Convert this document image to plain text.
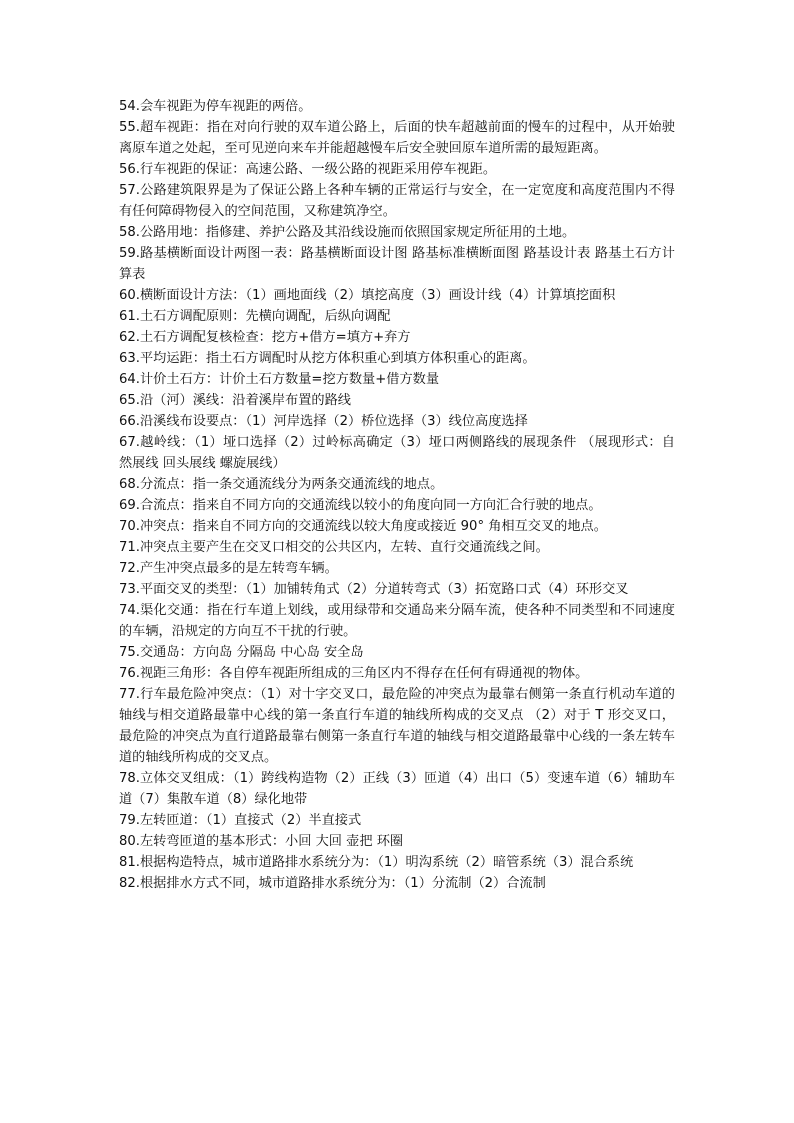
54.会车视距为停车视距的两倍。

55.超车视距：指在对向行驶的双车道公路上，后面的快车超越前面的慢车的过程中，从开始驶离原车道之处起，至可见逆向来车并能超越慢车后安全驶回原车道所需的最短距离。

56.行车视距的保证：高速公路、一级公路的视距采用停车视距。

57.公路建筑限界是为了保证公路上各种车辆的正常运行与安全，在一定宽度和高度范围内不得有任何障碍物侵入的空间范围，又称建筑净空。

58.公路用地：指修建、养护公路及其沿线设施而依照国家规定所征用的土地。

59.路基横断面设计两图一表：路基横断面设计图 路基标准横断面图 路基设计表 路基土石方计算表

60.横断面设计方法：（1）画地面线（2）填挖高度（3）画设计线（4）计算填挖面积

61.土石方调配原则：先横向调配，后纵向调配

62.土石方调配复核检查：挖方+借方=填方+弃方

63.平均运距：指土石方调配时从挖方体积重心到填方体积重心的距离。

64.计价土石方：计价土石方数量=挖方数量+借方数量

65.沿（河）溪线：沿着溪岸布置的路线

66.沿溪线布设要点：（1）河岸选择（2）桥位选择（3）线位高度选择

67.越岭线：（1）垭口选择（2）过岭标高确定（3）垭口两侧路线的展现条件 （展现形式：自然展线 回头展线 螺旋展线）

68.分流点：指一条交通流线分为两条交通流线的地点。

69.合流点：指来自不同方向的交通流线以较小的角度向同一方向汇合行驶的地点。

70.冲突点：指来自不同方向的交通流线以较大角度或接近 90° 角相互交叉的地点。

71.冲突点主要产生在交叉口相交的公共区内，左转、直行交通流线之间。

72.产生冲突点最多的是左转弯车辆。

73.平面交叉的类型：（1）加铺转角式（2）分道转弯式（3）拓宽路口式（4）环形交叉

74.渠化交通：指在行车道上划线，或用绿带和交通岛来分隔车流，使各种不同类型和不同速度的车辆，沿规定的方向互不干扰的行驶。

75.交通岛：方向岛 分隔岛 中心岛 安全岛

76.视距三角形：各自停车视距所组成的三角区内不得存在任何有碍通视的物体。

77.行车最危险冲突点：（1）对十字交叉口，最危险的冲突点为最靠右侧第一条直行机动车道的轴线与相交道路最靠中心线的第一条直行车道的轴线所构成的交叉点 （2）对于 T 形交叉口，最危险的冲突点为直行道路最靠右侧第一条直行车道的轴线与相交道路最靠中心线的一条左转车道的轴线所构成的交叉点。

78.立体交叉组成：（1）跨线构造物（2）正线（3）匝道（4）出口（5）变速车道（6）辅助车道（7）集散车道（8）绿化地带

79.左转匝道：（1）直接式（2）半直接式

80.左转弯匝道的基本形式：小回 大回 壶把 环圈

81.根据构造特点，城市道路排水系统分为：（1）明沟系统（2）暗管系统（3）混合系统

82.根据排水方式不同，城市道路排水系统分为：（1）分流制（2）合流制
